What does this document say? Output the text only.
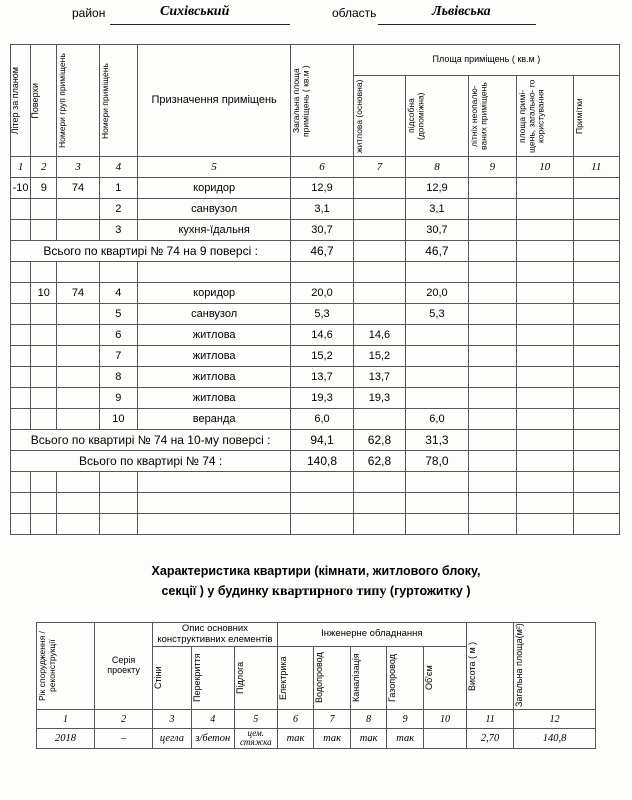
район	Сихівський	область	Львівська
Літер за планом	Поверхи	Номери груп приміщень	Номери приміщень	Призначення приміщень	Загальна площа приміщень ( кв.м )	Площа приміщень ( кв.м )				

						житлова (основна)	підсобна (допоміжна)	літніх неопалю- ваних приміщень	площа примі- щень, загально- го користування	Примітки

1	2	3	4	5	6	7	8	9	10	11
-10	9	74	1	коридор	12,9		12,9			
			2	санвузол	3,1		3,1			
			3	кухня-їдальня	30,7		30,7			
Всього по квартирі № 74 на 9 поверсі :					46,7		46,7			

	10	74	4	коридор	20,0		20,0			
			5	санвузол	5,3		5,3			
			6	житлова	14,6	14,6				
			7	житлова	15,2	15,2				
			8	житлова	13,7	13,7				
			9	житлова	19,3	19,3				
			10	веранда	6,0		6,0			
Всього по квартирі № 74 на 10-му поверсі :					94,1	62,8	31,3			
Всього по квартирі № 74 :					140,8	62,8	78,0			

Характеристика квартири (кімнати, житлового блоку,
секції ) у будинку квартирного типу (гуртожитку )
Рік спорудження / реконструкції	Серія проекту	Опис основних конструктивних елементів			Інженерне обладнання					Висота ( м )	Загальна площа(м²)

		Стіни	Перекриття	Підлога	Електрика	Водопровод	Каналізація	Газопровод	Об'єм		

1	2	3	4	5	6	7	8	9	10	11	12
2018	–	цегла	з/бетон	цем. стяжка	так	так	так	так		2,70	140,8
